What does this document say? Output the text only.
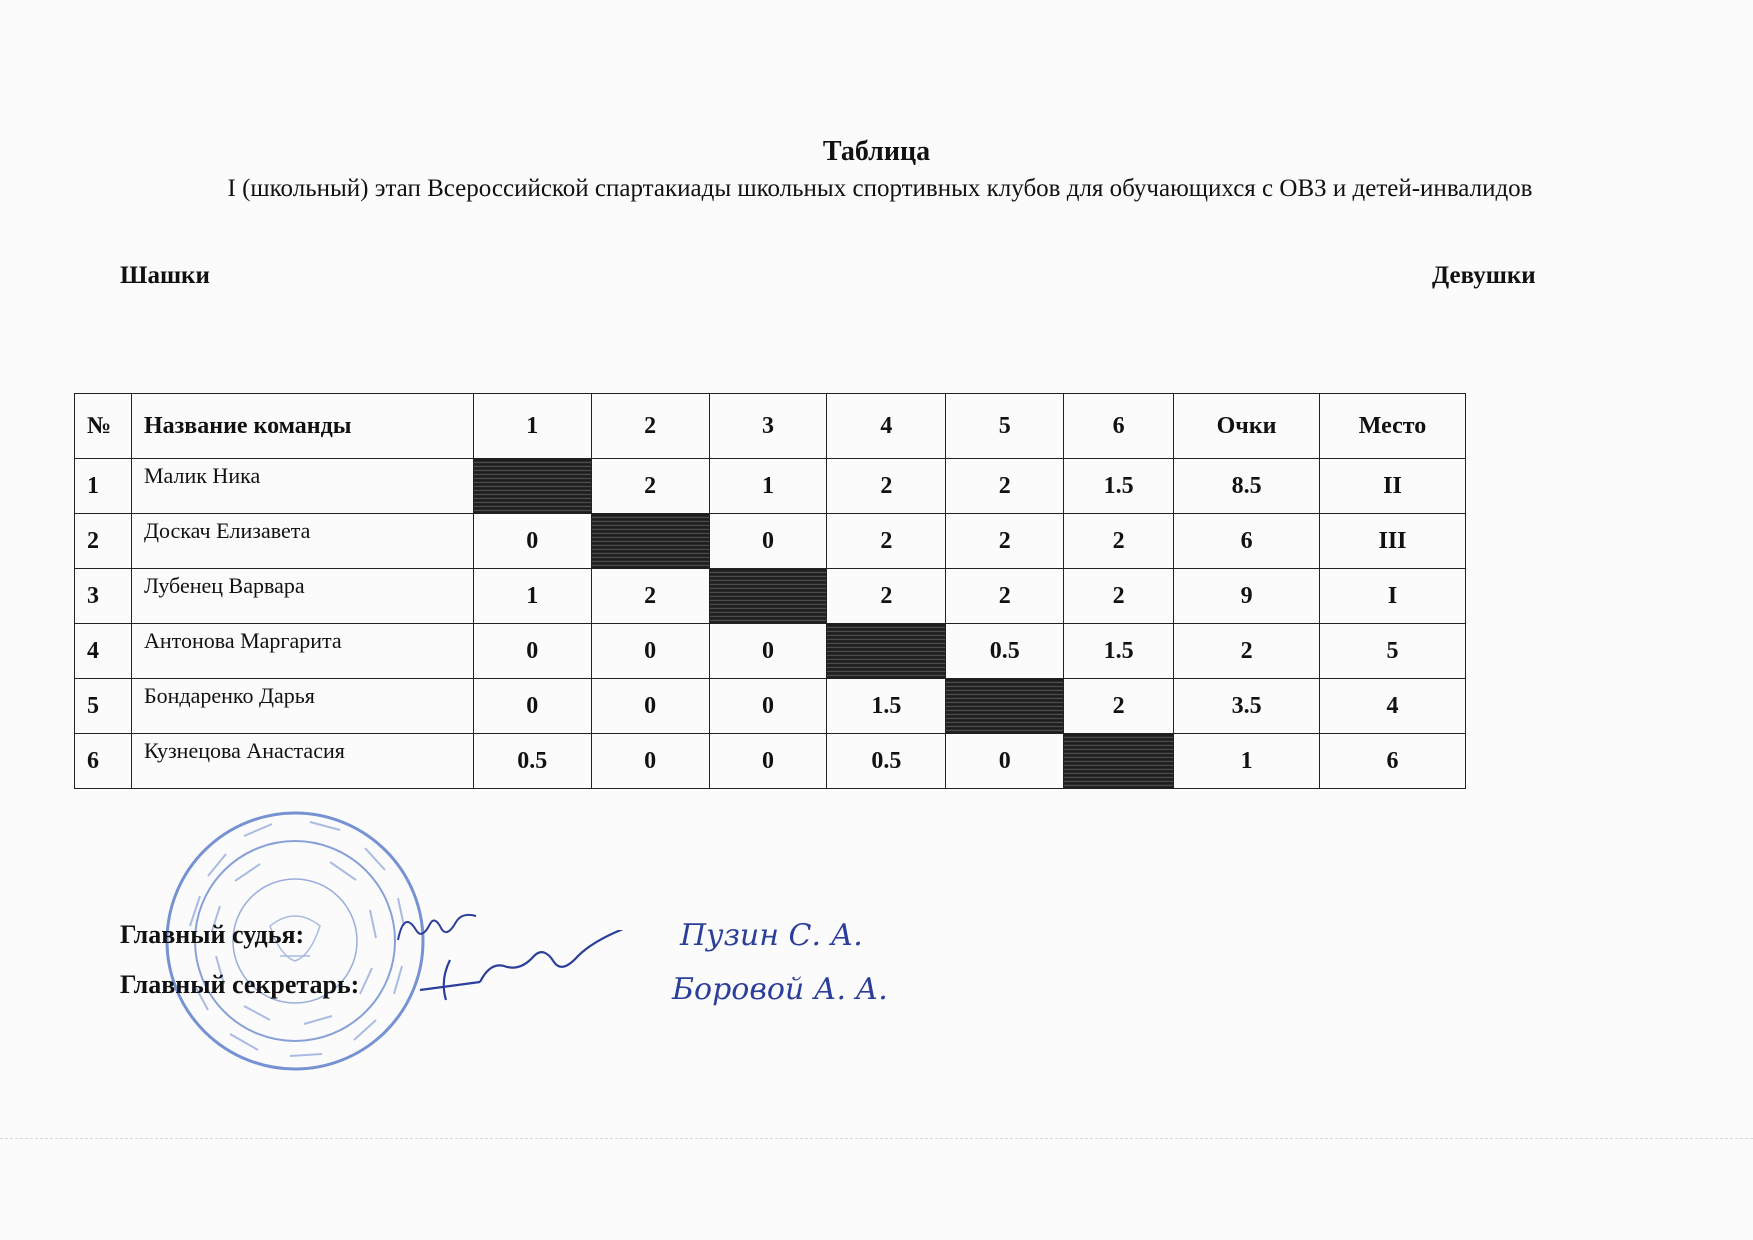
Таблица

I (школьный) этап Всероссийской спартакиады школьных спортивных клубов для обучающихся с ОВЗ и детей-инвалидов

Шашки	Девушки
№	Название команды	1	2	3	4	5	6	Очки	Место
1	Малик Ника		2	1	2	2	1.5	8.5	II
2	Доскач Елизавета	0		0	2	2	2	6	III
3	Лубенец Варвара	1	2		2	2	2	9	I
4	Антонова Маргарита	0	0	0		0.5	1.5	2	5
5	Бондаренко Дарья	0	0	0	1.5		2	3.5	4
6	Кузнецова Анастасия	0.5	0	0	0.5	0		1	6
Главный судья:
Главный секретарь:
Пузин С. А.
Боровой А. А.
